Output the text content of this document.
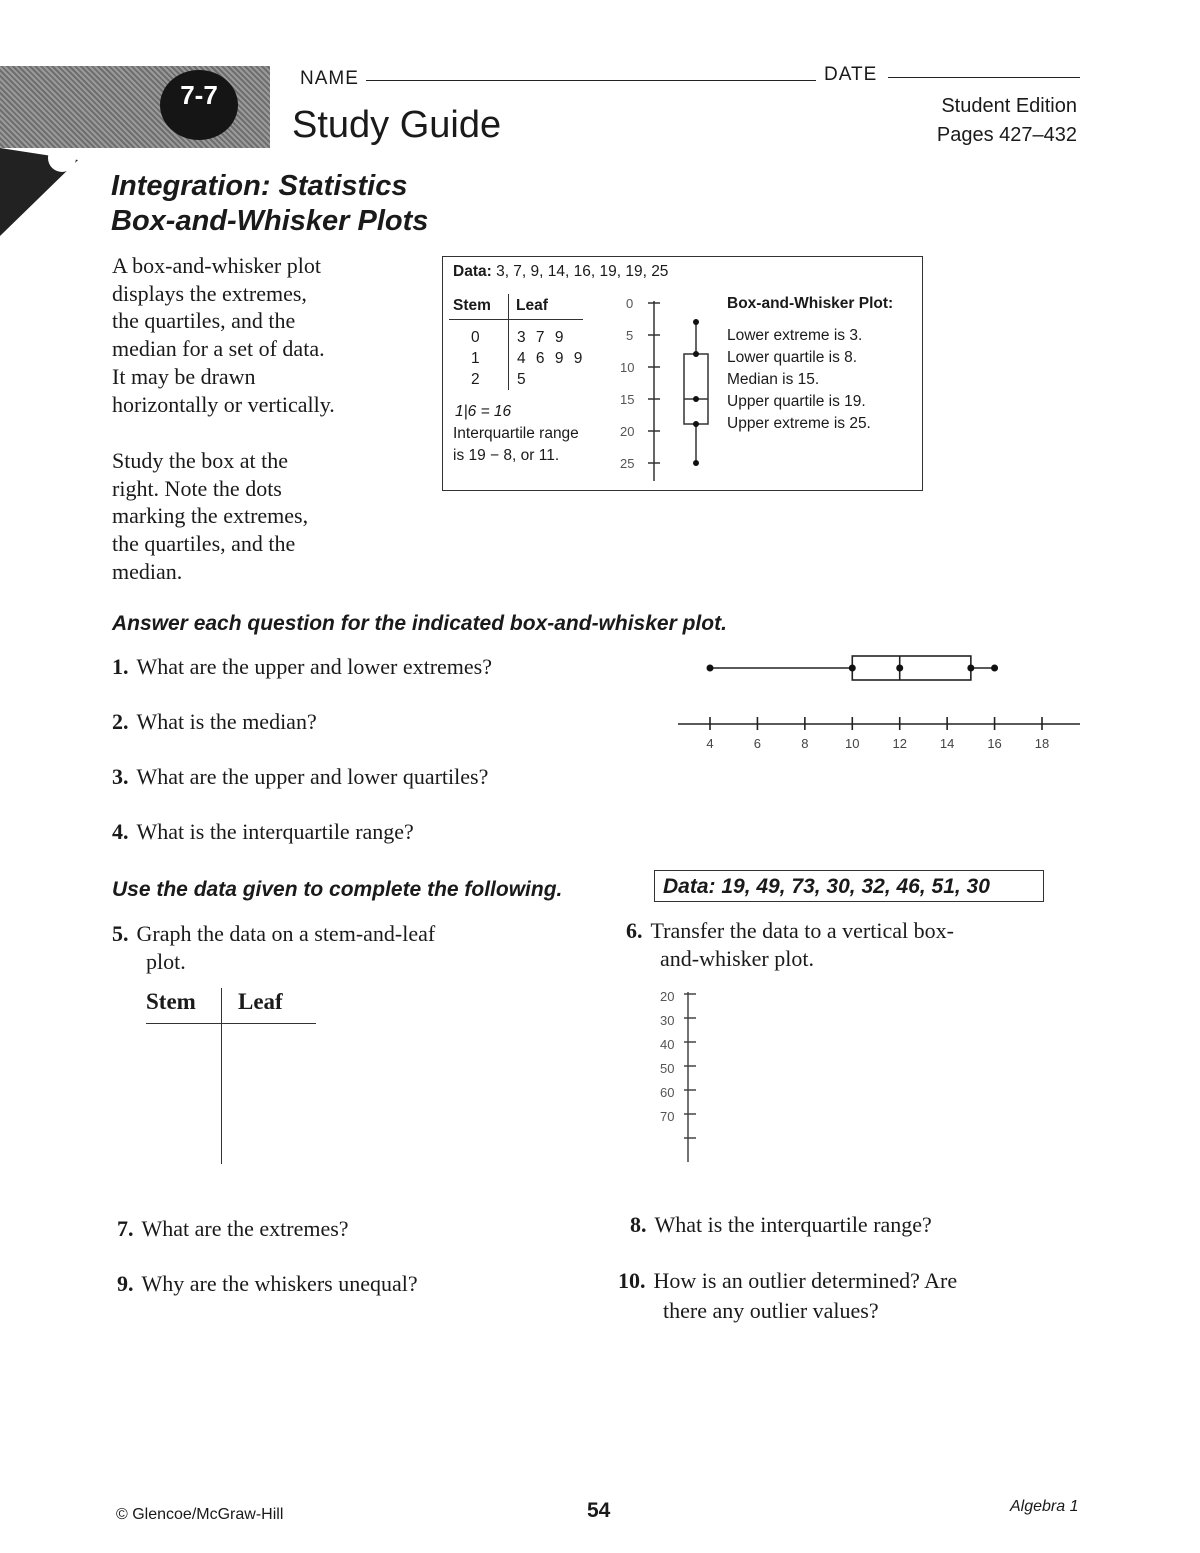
7-7
NAME	DATE
Study Guide	Student Edition
Pages 427–432
Integration: Statistics
Box-and-Whisker Plots
A box-and-whisker plot
displays the extremes,
the quartiles, and the
median for a set of data.
It may be drawn
horizontally or vertically.
Study the box at the
right. Note the dots
marking the extremes,
the quartiles, and the
median.
Data: 3, 7, 9, 14, 16, 19, 19, 25
Stem Leaf
0 3 7 9
1 4 6 9 9
2 5
1|6 = 16
Interquartile range
is 19 − 8, or 11.
0
5
10
15
20
25
Box-and-Whisker Plot:
Lower extreme is 3.
Lower quartile is 8.
Median is 15.
Upper quartile is 19.
Upper extreme is 25.
Answer each question for the indicated box-and-whisker plot.
1. What are the upper and lower extremes?
2. What is the median?
3. What are the upper and lower quartiles?
4. What is the interquartile range?
4	6	8	10	12	14	16	18
Use the data given to complete the following.	Data: 19, 49, 73, 30, 32, 46, 51, 30
5. Graph the data on a stem-and-leaf
plot.
Stem Leaf
6. Transfer the data to a vertical box-
and-whisker plot.
20
30
40
50
60
70
7. What are the extremes?	8. What is the interquartile range?
9. Why are the whiskers unequal?	10. How is an outlier determined? Are
there any outlier values?
© Glencoe/McGraw-Hill	54	Algebra 1
